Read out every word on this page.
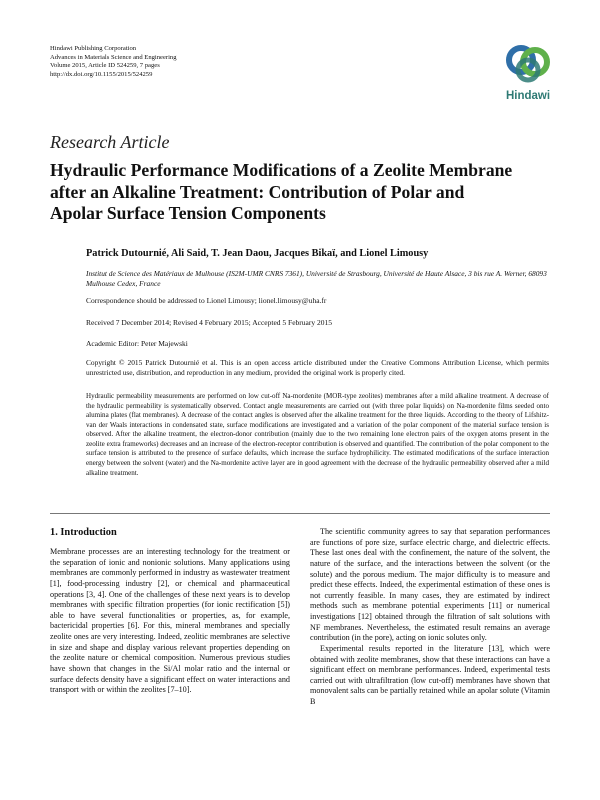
Hindawi Publishing Corporation
Advances in Materials Science and Engineering
Volume 2015, Article ID 524259, 7 pages
http://dx.doi.org/10.1155/2015/524259
Hindawi
Research Article
Hydraulic Performance Modifications of a Zeolite Membrane after an Alkaline Treatment: Contribution of Polar and Apolar Surface Tension Components
Patrick Dutournié, Ali Said, T. Jean Daou, Jacques Bikaï, and Lionel Limousy
Institut de Science des Matériaux de Mulhouse (IS2M-UMR CNRS 7361), Université de Strasbourg, Université de Haute Alsace, 3 bis rue A. Werner, 68093 Mulhouse Cedex, France
Correspondence should be addressed to Lionel Limousy; lionel.limousy@uha.fr
Received 7 December 2014; Revised 4 February 2015; Accepted 5 February 2015
Academic Editor: Peter Majewski
Copyright © 2015 Patrick Dutournié et al. This is an open access article distributed under the Creative Commons Attribution License, which permits unrestricted use, distribution, and reproduction in any medium, provided the original work is properly cited.
Hydraulic permeability measurements are performed on low cut-off Na-mordenite (MOR-type zeolites) membranes after a mild alkaline treatment. A decrease of the hydraulic permeability is systematically observed. Contact angle measurements are carried out (with three polar liquids) on Na-mordenite films seeded onto alumina plates (flat membranes). A decrease of the contact angles is observed after the alkaline treatment for the three liquids. According to the theory of Lifshitz-van der Waals interactions in condensated state, surface modifications are investigated and a variation of the polar component of the material surface tension is observed. After the alkaline treatment, the electron-donor contribution (mainly due to the two remaining lone electron pairs of the oxygen atoms present in the zeolite extra frameworks) decreases and an increase of the electron-receptor contribution is observed and quantified. The contribution of the polar component to the surface tension is attributed to the presence of surface defaults, which increase the surface hydrophilicity. The estimated modifications of the surface interaction energy between the solvent (water) and the Na-mordenite active layer are in good agreement with the decrease of the hydraulic permeability observed after a mild alkaline treatment.
1. Introduction

Membrane processes are an interesting technology for the treatment or the separation of ionic and nonionic solutions. Many applications using membranes are commonly performed in industry as wastewater treatment [1], food-processing industry [2], or chemical and pharmaceutical operations [3, 4]. One of the challenges of these next years is to develop membranes with specific filtration properties (for ionic rectification [5]) able to have several functionalities or properties, as, for example, bactericidal properties [6]. For this, mineral membranes and specially zeolite ones are very interesting. Indeed, zeolitic membranes are selective in size and shape and display various relevant properties depending on the zeolite nature or chemical composition. Numerous previous studies have shown that changes in the Si/Al molar ratio and the internal or surface defects density have a significant effect on water interactions and transport with or within the zeolites [7–10].

The scientific community agrees to say that separation performances are functions of pore size, surface electric charge, and dielectric effects. These last ones deal with the confinement, the nature of the solvent, the nature of the surface, and the interactions between the solvent (or the solute) and the porous medium. The major difficulty is to measure and predict these effects. Indeed, the experimental estimation of these ones is not currently feasible. In many cases, they are estimated by indirect methods such as membrane potential experiments [11] or numerical investigations [12] obtained through the filtration of salt solutions with NF membranes. Nevertheless, the estimated result remains an average contribution (in the pore), acting on ionic solutes only.

Experimental results reported in the literature [13], which were obtained with zeolite membranes, show that these interactions can have a significant effect on membrane performances. Indeed, experimental tests carried out with ultrafiltration (low cut-off) membranes have shown that monovalent salts can be partially retained while an apolar solute (Vitamin B
